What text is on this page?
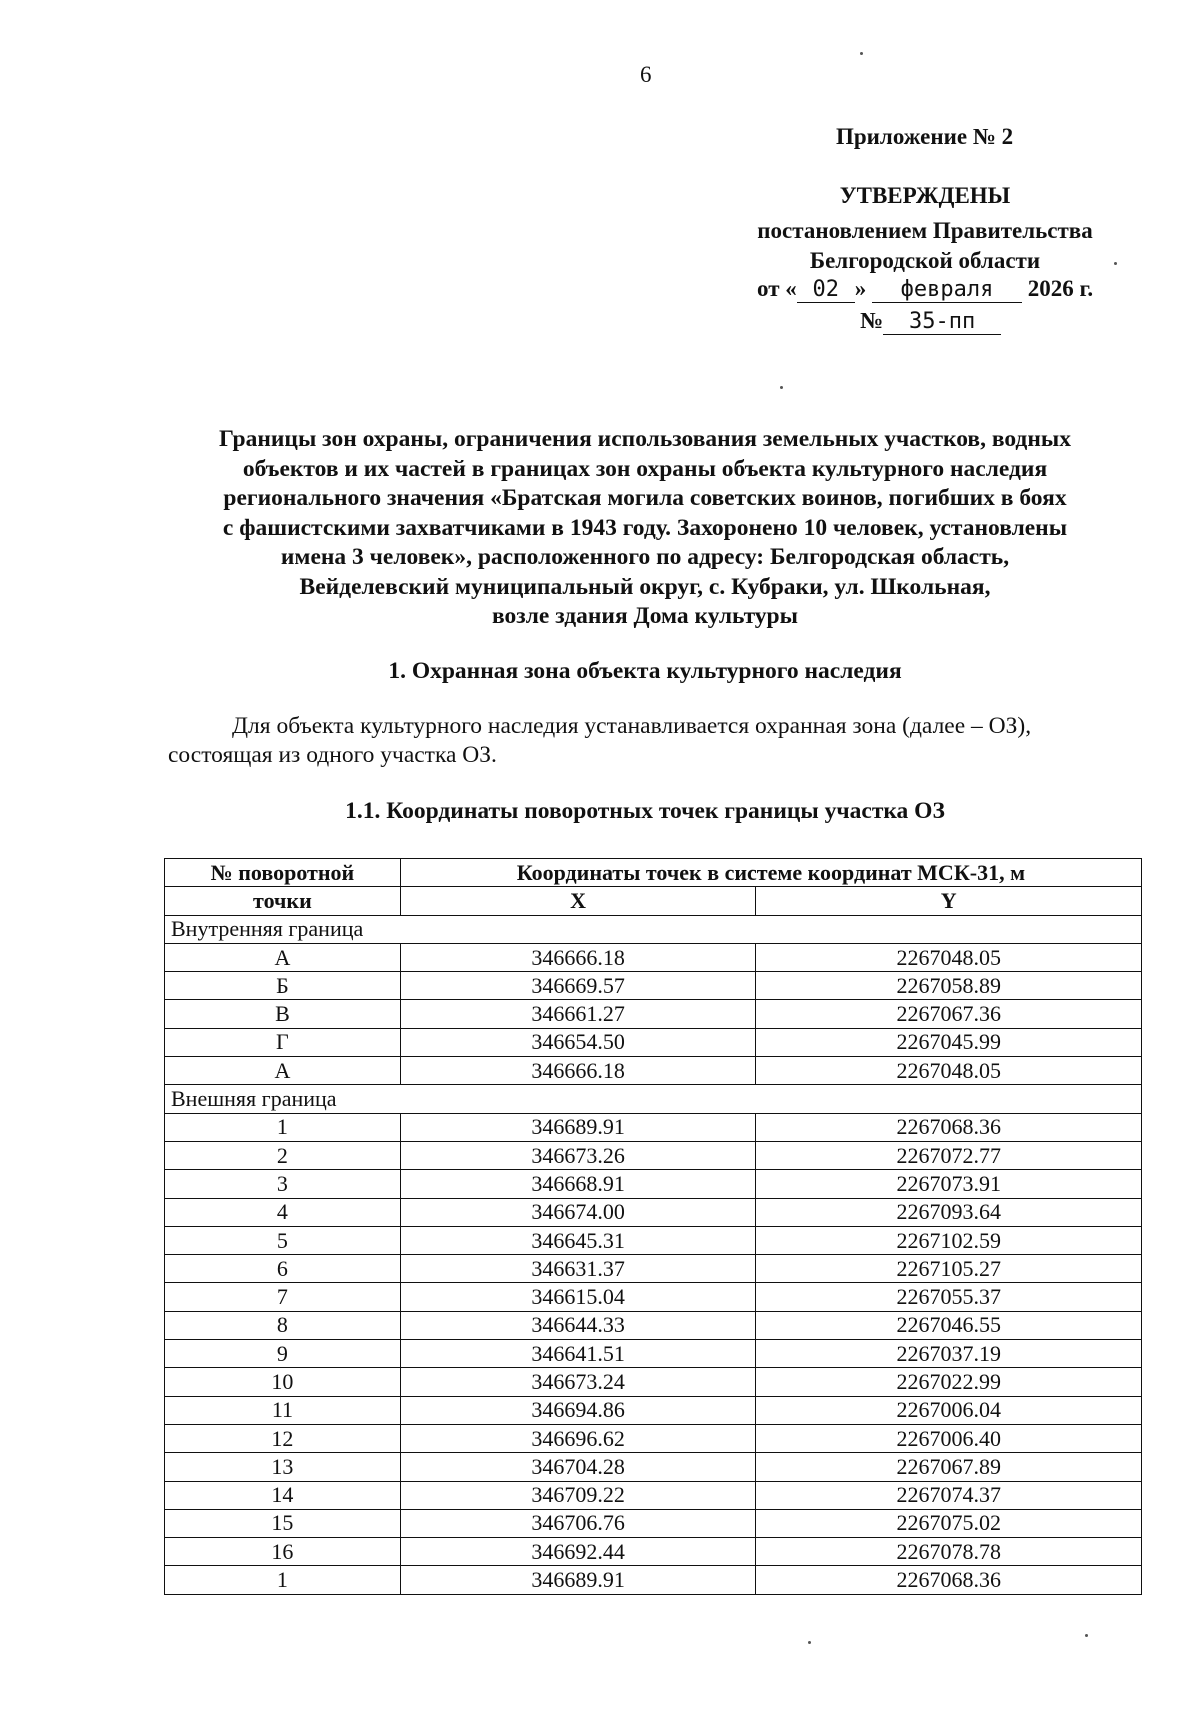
6
Приложение № 2
УТВЕРЖДЕНЫ
постановлением Правительства
Белгородской области
от « 02 » февраля 2026 г.
№ 35-пп
Границы зон охраны, ограничения использования земельных участков, водных
объектов и их частей в границах зон охраны объекта культурного наследия
регионального значения «Братская могила советских воинов, погибших в боях
с фашистскими захватчиками в 1943 году. Захоронено 10 человек, установлены
имена 3 человек», расположенного по адресу: Белгородская область,
Вейделевский муниципальный округ, с. Кубраки, ул. Школьная,
возле здания Дома культуры
1. Охранная зона объекта культурного наследия
Для объекта культурного наследия устанавливается охранная зона (далее – ОЗ),
состоящая из одного участка ОЗ.
1.1. Координаты поворотных точек границы участка ОЗ
№ поворотной	Координаты точек в системе координат МСК-31, м	
точки	X	Y
Внутренняя граница		
А	346666.18	2267048.05
Б	346669.57	2267058.89
В	346661.27	2267067.36
Г	346654.50	2267045.99
А	346666.18	2267048.05
Внешняя граница		
1	346689.91	2267068.36
2	346673.26	2267072.77
3	346668.91	2267073.91
4	346674.00	2267093.64
5	346645.31	2267102.59
6	346631.37	2267105.27
7	346615.04	2267055.37
8	346644.33	2267046.55
9	346641.51	2267037.19
10	346673.24	2267022.99
11	346694.86	2267006.04
12	346696.62	2267006.40
13	346704.28	2267067.89
14	346709.22	2267074.37
15	346706.76	2267075.02
16	346692.44	2267078.78
1	346689.91	2267068.36
